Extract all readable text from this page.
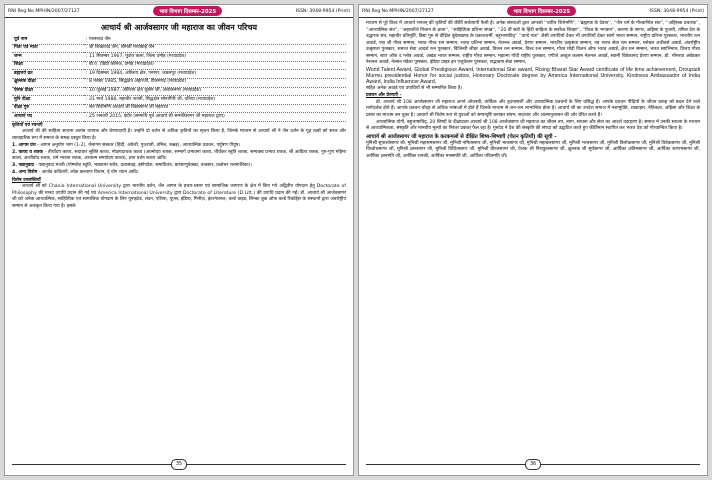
RNI Reg No MPHIN/2007/27127	भाव विभाग दिसम्बर-2025	ISSN: 3048-9954 (Print)
आचार्य श्री आर्जवसागर जी महाराज का जीवन परिचय
पूर्व नाम	: पारसचंद जैन
पिता एवं माता	: श्री शिखरचंद जैन, श्रीमती मायाबाई जैन
जन्म	: 11 सितम्बर 1967, फुटेरा कलां, जिला दमोह (मध्यप्रदेश)
शिक्षा	: बी.ए. (डिग्री कॉलेज, दमोह (मध्यप्रदेश)
ब्रह्मचर्य व्रत	: 19 दिसम्बर 1984, अतिशय क्षेत्र, पनागर, जबलपुर (मध्यप्रदेश)
क्षुल्लक दीक्षा	: 8 नवंबर 1985, सिद्धक्षेत्र अहारजी, टीकमगढ़ (मध्यप्रदेश)
ऐलक दीक्षा	: 10 जुलाई 1987, अतिशय क्षेत्र थूबोन जी, अशोकनगर (मध्यप्रदेश)
मुनि दीक्षा	: 31 मार्च 1988, महावीर जयंती, सिद्धक्षेत्र सोनागिरि जी, दतिया (मध्यप्रदेश)
दीक्षा गुरु	: संत शिरोमणि आचार्य श्री विद्यासागर जी महाराज
आचार्य पद	: 25 जनवरी 2015, इंदौर (सम्माधि पूर्व आचार्य श्री सन्मतिसागर जी महाराज द्वारा)
कृतियाँ एवं रचनाएँ
आचार्य श्री की साहित्य साधना अत्यंत व्यापक और प्रेरणादायी है। उन्होंने दो दर्जन से अधिक कृतियों का सृजन किया है, जिनके माध्यम से आचार्य श्री ने जैन दर्शन के गूढ़ तत्वों को सरल और व्यावहारिक रूप में समाज के समक्ष प्रस्तुत किया है।
1. आगम ग्रंथ - आगम अनुयोग भाग (1-2), जैनागम संस्कार (हिंदी, अंग्रेजी, गुजराती, तमिल, कन्नड़), आध्यात्मिक प्रवचन, पर्युषण पीयूष।
2. काव्य व शतक - तीर्थोदय काव्य, सदाचार सूक्ति काव्य, मोक्षपदाचक काव्य (आत्मोदय शतक, सन्मार्ग प्रभावना काव्य, तीर्थंकर स्तुति शतक, सम्यक्त्व प्रभाव शतक, श्री आदित्य शतक, गुरु-गुण महिमा काव्य, आशीर्वाद शतक, धर्म भावना शतक, अध्यात्म समयोदय काव्य), ज्ञान वर्धन काव्य आदि।
3. पद्यानुवाद - पद्यानुवाद मंजरी (गोम्मटेश स्तुति, भक्तामर स्तोत्र, दव्यसंग्रह, इष्टोपदेश, समाधितंत्र, बारसाणुवेक्खा, तत्वसार, प्रश्नोत्तर रत्नमालिका)।
4. अन्य विशेष - आर्जव कविताएँ, लोक कल्याण विधान, ई योग ध्यान आदि।
विशेष उपलब्धियाँ
आचार्य श्री को Chania International University द्वारा भारतीय दर्शन, जैन आगम के प्रचार-प्रसार एवं सामाजिक जागरण के क्षेत्र में किए गये अद्वितीय योगदान हेतु Doctorate of Philosophy की मानद उपाधि प्रदान की गई एवं America International University द्वारा Doctorate of Literature (D.Litt.) की उपाधि प्रदान की गई। डॉ. आचार्य श्री आर्जवसागर जी को अनेक आध्यात्मिक, साहित्यिक एवं सामाजिक योगदान के लिए यूनाइटेड, लंदन, एशिया, यूएस, इंडिया, गिनीज़, इंटरनेशनल, वर्ल्ड वाइड, लिम्का बुक ऑफ वर्ल्ड रिकॉर्ड्स के संस्थानों द्वारा अंतर्राष्ट्रीय सम्मान से अलंकृत किया गया है। इसके
35
RNI Reg No MPHIN/2007/27127	भाव विभाग दिसम्बर-2025	ISSN: 3048-9954 (Print)
माध्यम से पूरे विश्व में आचार्य भगवन् की कृतियाँ की कीर्ति सर्वव्यापी फैली है। अनेक संस्थाओं द्वारा आपको ''चारित्र शिरोमणि'', ''ब्रह्माण्ड के देवता'', ''जैन धर्म के गौरवान्वित संत'', ''अहिंसक प्रचारक'', ''आध्यात्मिक संत'', ''अहारतीर्थ निशान के ज्ञाता'', ''साहित्यिक प्रतिभा संपन्न'', ''20 वीं सदी के हिंदी साहित्य के सर्वोच्च शिखर'', ''विश्व के भगवान'', करुणा के सागर, अहिंसा के पुजारी, तमिल देश के उद्धारक संत, महावीर प्रतिमूर्ति, विद्या गुरु से दीक्षित बुंदेलखण्ड के प्रकाशधर्मी, बहुभाषाविद्'' ''वाग्दे गांड'' जैसी उपाधियों देकर भी उपाधियाँ देकर स्वर्ण भारत सम्मान, राष्ट्रीय प्रतिभा पुरस्कार, भारतीय रत्न अवार्ड, पद्म श्री गौरव सम्मान, भारत गौरव रत्न सम्मान, भारत प्रतिभा सम्मान, नेशनल अवार्ड, प्रेरणा सम्मान, भारतीय उत्कृष्टता सम्मान, नव भारत सेवा रत्न सम्मान, ग्लोबल अचीवर्स अवार्ड, अंतर्राष्ट्रीय उत्कृष्टता पुरस्कार, समाज सेवा आदर्श रत्न पुरस्कार, विजिनरी लीडर अवार्ड, विजन रत्न सम्मान, विश्व रत्न सम्मान, गौरव मोदी विजन ऑफ भारत अवार्ड, क्षेत्र रत्न सम्मान, भारत स्वाभिमान, विजय गौरव सम्मान, स्टार ऑफ द ग्लोब अवार्ड, अखंड भारत सम्मान, राष्ट्रीय गौरव सम्मान, महात्मा गाँधी राष्ट्रीय पुरस्कार, एपीजे अब्दुल कलाम नेशनल अवार्ड, स्वामी विवेकानंद प्रेरणा सम्मान, डॉ. भीमराव अंबेडकर नेशनल अवार्ड, नेल्सन मंडेला पुरस्कार, इंडिया प्राइड इन एजुकेशन पुरस्कार, सद्भावना सेवा सम्मान,
World Talent Award, Global Prestigious Award, International Star award, Rising Bharat Star Award certificate of life time achievement, Droupadi Murmu presidential Honor for social justice, Honorary Doctorate degree by America International University, Kindness Ambassador of India Award, India Influencer Award,
सहित अनेक अवार्ड एवं उपाधियों से भी सम्मानित किया है।
प्रवचन और प्रेरणाएँ -
डॉ. आचार्य श्री 108 आर्जवसागर जी महाराज अपने ओजस्वी, तार्किक और हृदयस्पर्शी और आध्यात्मिक प्रवचनों के लिए प्रसिद्ध हैं। आपके प्रवचन पीढ़ियों के जीवन प्रवाह को बदल देने वाले मार्गदर्शक होते हैं। आपके प्रवचन चौदह से अधिक भाषाओं में होते हैं जिनके माध्यम से जन-जन लाभान्वित होता है। आचार्य श्री का उपदेश समाज में नशामुक्ति, शाकाहार, नैतिकता, अहिंसा और शिक्षा के प्रसार का माध्यम बन चुका है। आचार्य श्री विशेष रूप से युवाओं को सम्यग्दृष्टि बनाकर संयम, सदाचार और आत्मानुशासन की ओर प्रेरित करते हैं।
आध्यात्मिक योगी, बहुभाषाविद्, 20 शिष्यों के दीक्षादाता आचार्य श्री 108 आर्जवसागर जी महाराज का जीवन तप, त्याग, साधना और सेवा का आदर्श उदाहरण है। समाज में उनकी साधना के माध्यम से आध्यात्मिकता, संस्कृति और मानवीय मूल्यों का निरंतर प्रकाश फैल रहा है। गुरुदेव ने देश की संस्कृति की संपदा को उद्घाटित करते हुए कीर्तिमान स्थापित कर भारत देश को गौरवान्वित किया है।
आचार्य श्री आर्जवसागर जी महाराज के करकमलों से दीक्षित शिष्य-शिष्याएँ (चेतन कृतियाँ) की सूची -
मुनिश्री सुपार्श्वसागर जी, मुनिश्री महासमसागर जी, मुनिश्री नमितसागर जी, मुनिश्री भावसागर जी, मुनिश्री महाबलसागर जी, मुनिश्री भरतसागर जी, मुनिश्री त्रिलोकसागर जी, मुनिश्री विवेकसागर जी, मुनिश्री विश्वोधसागर जी, मुनिश्री ज्ञानसागर जी, मुनिश्री विचिंतसागर जी, मुनिश्री वीरजसागर जी, ऐलक श्री निराकुलसागर जी, क्षुल्लक श्री सूर्यसागर जी, आर्यिका अंतिमसागर जी, आर्यिका शरणमसागर जी, आर्यिका ज्ञानमति जी, आर्यिका रत्नश्री, आर्यिका मनसमति जी, आर्यिका पवित्रमति जी।
36
